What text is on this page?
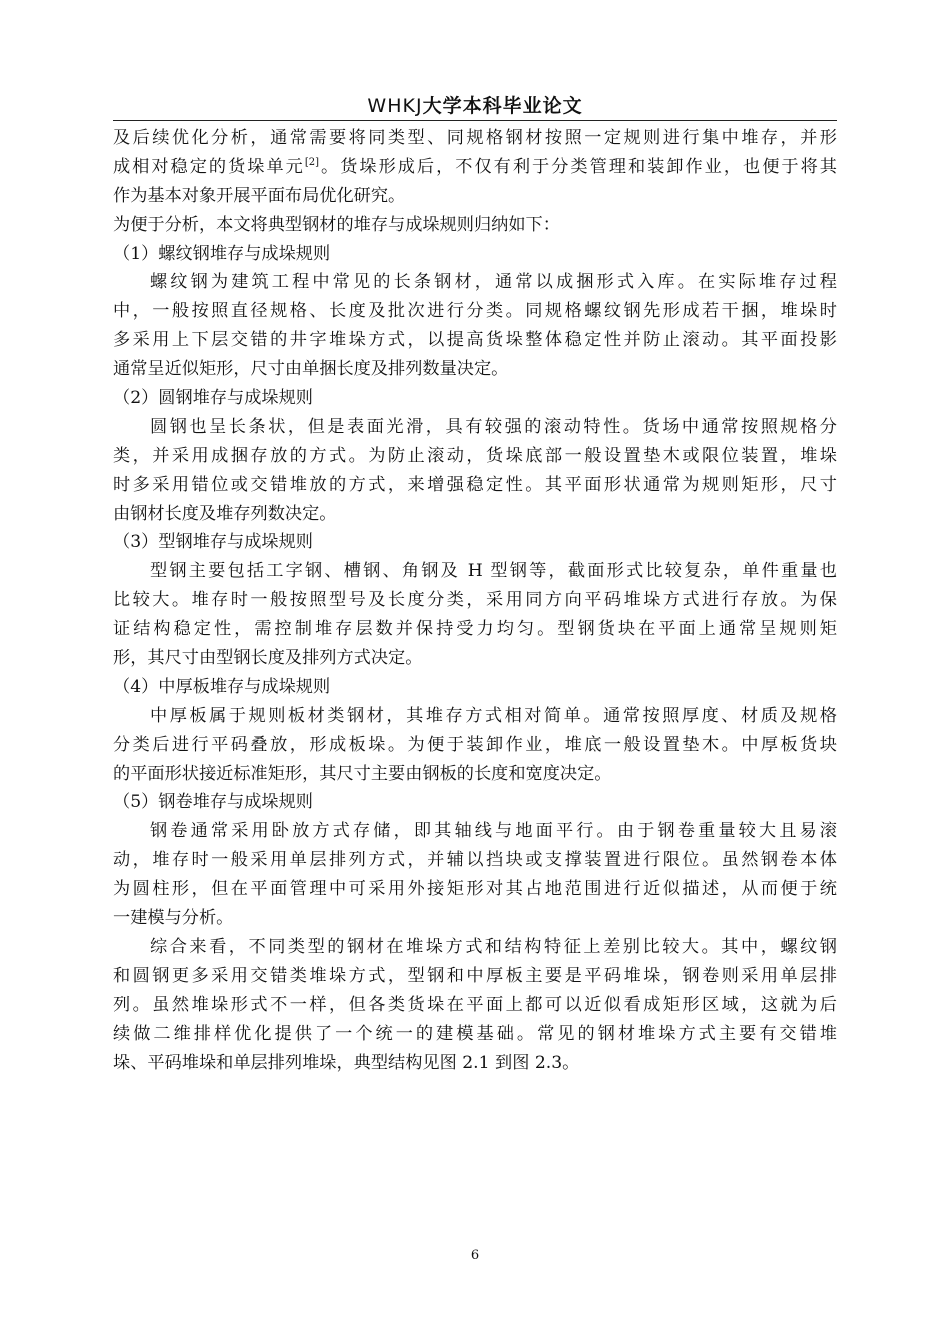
WHKJ大学本科毕业论文
及后续优化分析，通常需要将同类型、同规格钢材按照一定规则进行集中堆存，并形
成相对稳定的货垛单元[2]。货垛形成后，不仅有利于分类管理和装卸作业，也便于将其
作为基本对象开展平面布局优化研究。
为便于分析，本文将典型钢材的堆存与成垛规则归纳如下：
（1）螺纹钢堆存与成垛规则
螺纹钢为建筑工程中常见的长条钢材，通常以成捆形式入库。在实际堆存过程
中，一般按照直径规格、长度及批次进行分类。同规格螺纹钢先形成若干捆，堆垛时
多采用上下层交错的井字堆垛方式，以提高货垛整体稳定性并防止滚动。其平面投影
通常呈近似矩形，尺寸由单捆长度及排列数量决定。
（2）圆钢堆存与成垛规则
圆钢也呈长条状，但是表面光滑，具有较强的滚动特性。货场中通常按照规格分
类，并采用成捆存放的方式。为防止滚动，货垛底部一般设置垫木或限位装置，堆垛
时多采用错位或交错堆放的方式，来增强稳定性。其平面形状通常为规则矩形，尺寸
由钢材长度及堆存列数决定。
（3）型钢堆存与成垛规则
型钢主要包括工字钢、槽钢、角钢及 H 型钢等，截面形式比较复杂，单件重量也
比较大。堆存时一般按照型号及长度分类，采用同方向平码堆垛方式进行存放。为保
证结构稳定性，需控制堆存层数并保持受力均匀。型钢货块在平面上通常呈规则矩
形，其尺寸由型钢长度及排列方式决定。
（4）中厚板堆存与成垛规则
中厚板属于规则板材类钢材，其堆存方式相对简单。通常按照厚度、材质及规格
分类后进行平码叠放，形成板垛。为便于装卸作业，堆底一般设置垫木。中厚板货块
的平面形状接近标准矩形，其尺寸主要由钢板的长度和宽度决定。
（5）钢卷堆存与成垛规则
钢卷通常采用卧放方式存储，即其轴线与地面平行。由于钢卷重量较大且易滚
动，堆存时一般采用单层排列方式，并辅以挡块或支撑装置进行限位。虽然钢卷本体
为圆柱形，但在平面管理中可采用外接矩形对其占地范围进行近似描述，从而便于统
一建模与分析。
综合来看，不同类型的钢材在堆垛方式和结构特征上差别比较大。其中，螺纹钢
和圆钢更多采用交错类堆垛方式，型钢和中厚板主要是平码堆垛，钢卷则采用单层排
列。虽然堆垛形式不一样，但各类货垛在平面上都可以近似看成矩形区域，这就为后
续做二维排样优化提供了一个统一的建模基础。常见的钢材堆垛方式主要有交错堆
垛、平码堆垛和单层排列堆垛，典型结构见图 2.1 到图 2.3。
6
